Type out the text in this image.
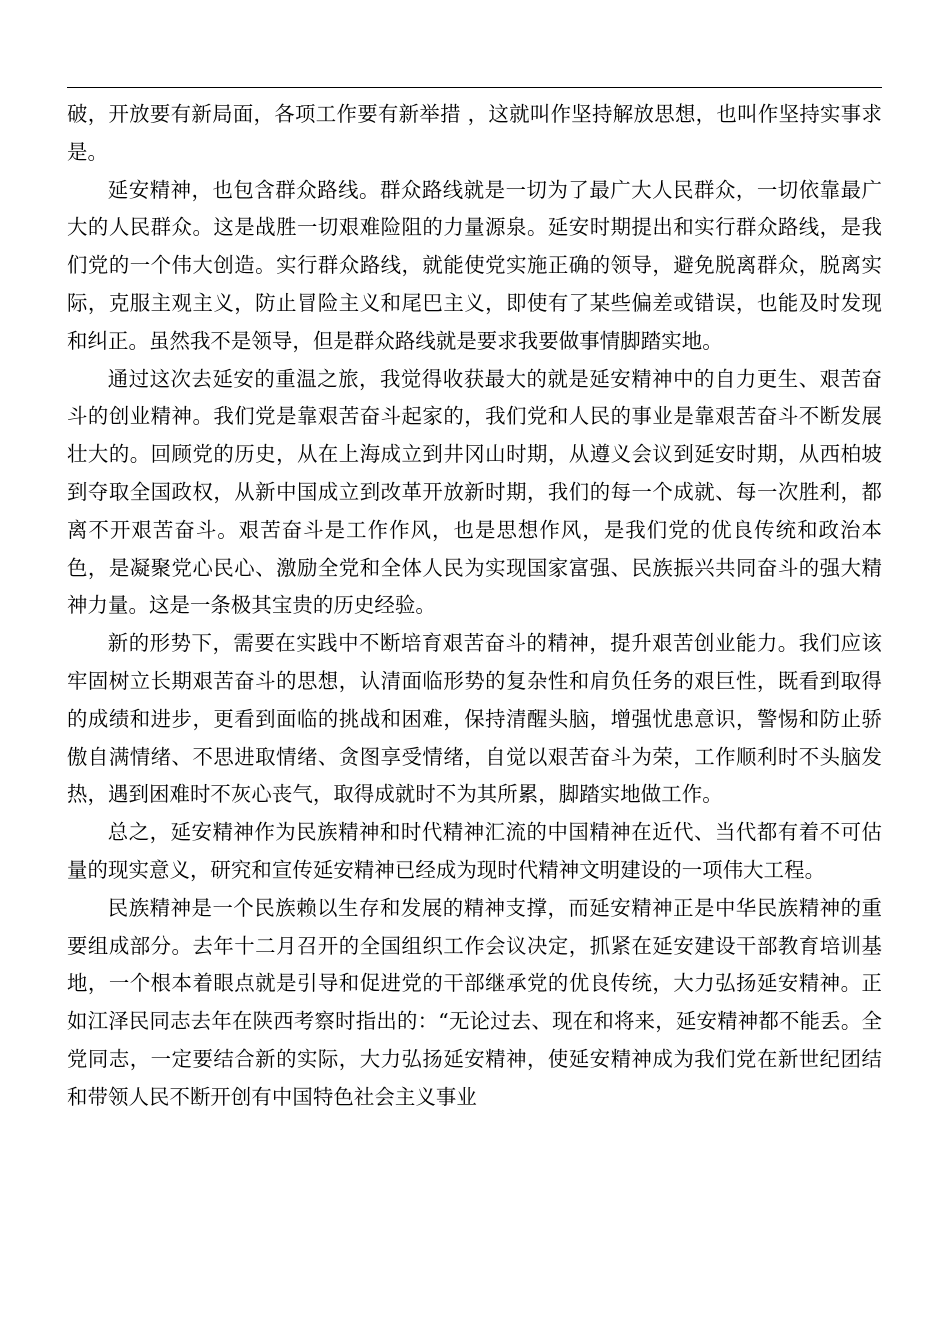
破，开放要有新局面，各项工作要有新举措 ，这就叫作坚持解放思想，也叫作坚持实事求是。

延安精神，也包含群众路线。群众路线就是一切为了最广大人民群众，一切依靠最广大的人民群众。这是战胜一切艰难险阻的力量源泉。延安时期提出和实行群众路线，是我们党的一个伟大创造。实行群众路线，就能使党实施正确的领导，避免脱离群众，脱离实际，克服主观主义，防止冒险主义和尾巴主义，即使有了某些偏差或错误，也能及时发现和纠正。虽然我不是领导，但是群众路线就是要求我要做事情脚踏实地。

通过这次去延安的重温之旅，我觉得收获最大的就是延安精神中的自力更生、艰苦奋斗的创业精神。我们党是靠艰苦奋斗起家的，我们党和人民的事业是靠艰苦奋斗不断发展壮大的。回顾党的历史，从在上海成立到井冈山时期，从遵义会议到延安时期，从西柏坡到夺取全国政权，从新中国成立到改革开放新时期，我们的每一个成就、每一次胜利，都离不开艰苦奋斗。艰苦奋斗是工作作风，也是思想作风，是我们党的优良传统和政治本色，是凝聚党心民心、激励全党和全体人民为实现国家富强、民族振兴共同奋斗的强大精神力量。这是一条极其宝贵的历史经验。

新的形势下，需要在实践中不断培育艰苦奋斗的精神，提升艰苦创业能力。我们应该牢固树立长期艰苦奋斗的思想，认清面临形势的复杂性和肩负任务的艰巨性，既看到取得的成绩和进步，更看到面临的挑战和困难，保持清醒头脑，增强忧患意识，警惕和防止骄傲自满情绪、不思进取情绪、贪图享受情绪，自觉以艰苦奋斗为荣，工作顺利时不头脑发热，遇到困难时不灰心丧气，取得成就时不为其所累，脚踏实地做工作。

总之，延安精神作为民族精神和时代精神汇流的中国精神在近代、当代都有着不可估量的现实意义，研究和宣传延安精神已经成为现时代精神文明建设的一项伟大工程。

民族精神是一个民族赖以生存和发展的精神支撑，而延安精神正是中华民族精神的重要组成部分。去年十二月召开的全国组织工作会议决定，抓紧在延安建设干部教育培训基地，一个根本着眼点就是引导和促进党的干部继承党的优良传统，大力弘扬延安精神。正如江泽民同志去年在陕西考察时指出的：“无论过去、现在和将来，延安精神都不能丢。全党同志，一定要结合新的实际，大力弘扬延安精神，使延安精神成为我们党在新世纪团结和带领人民不断开创有中国特色社会主义事业
